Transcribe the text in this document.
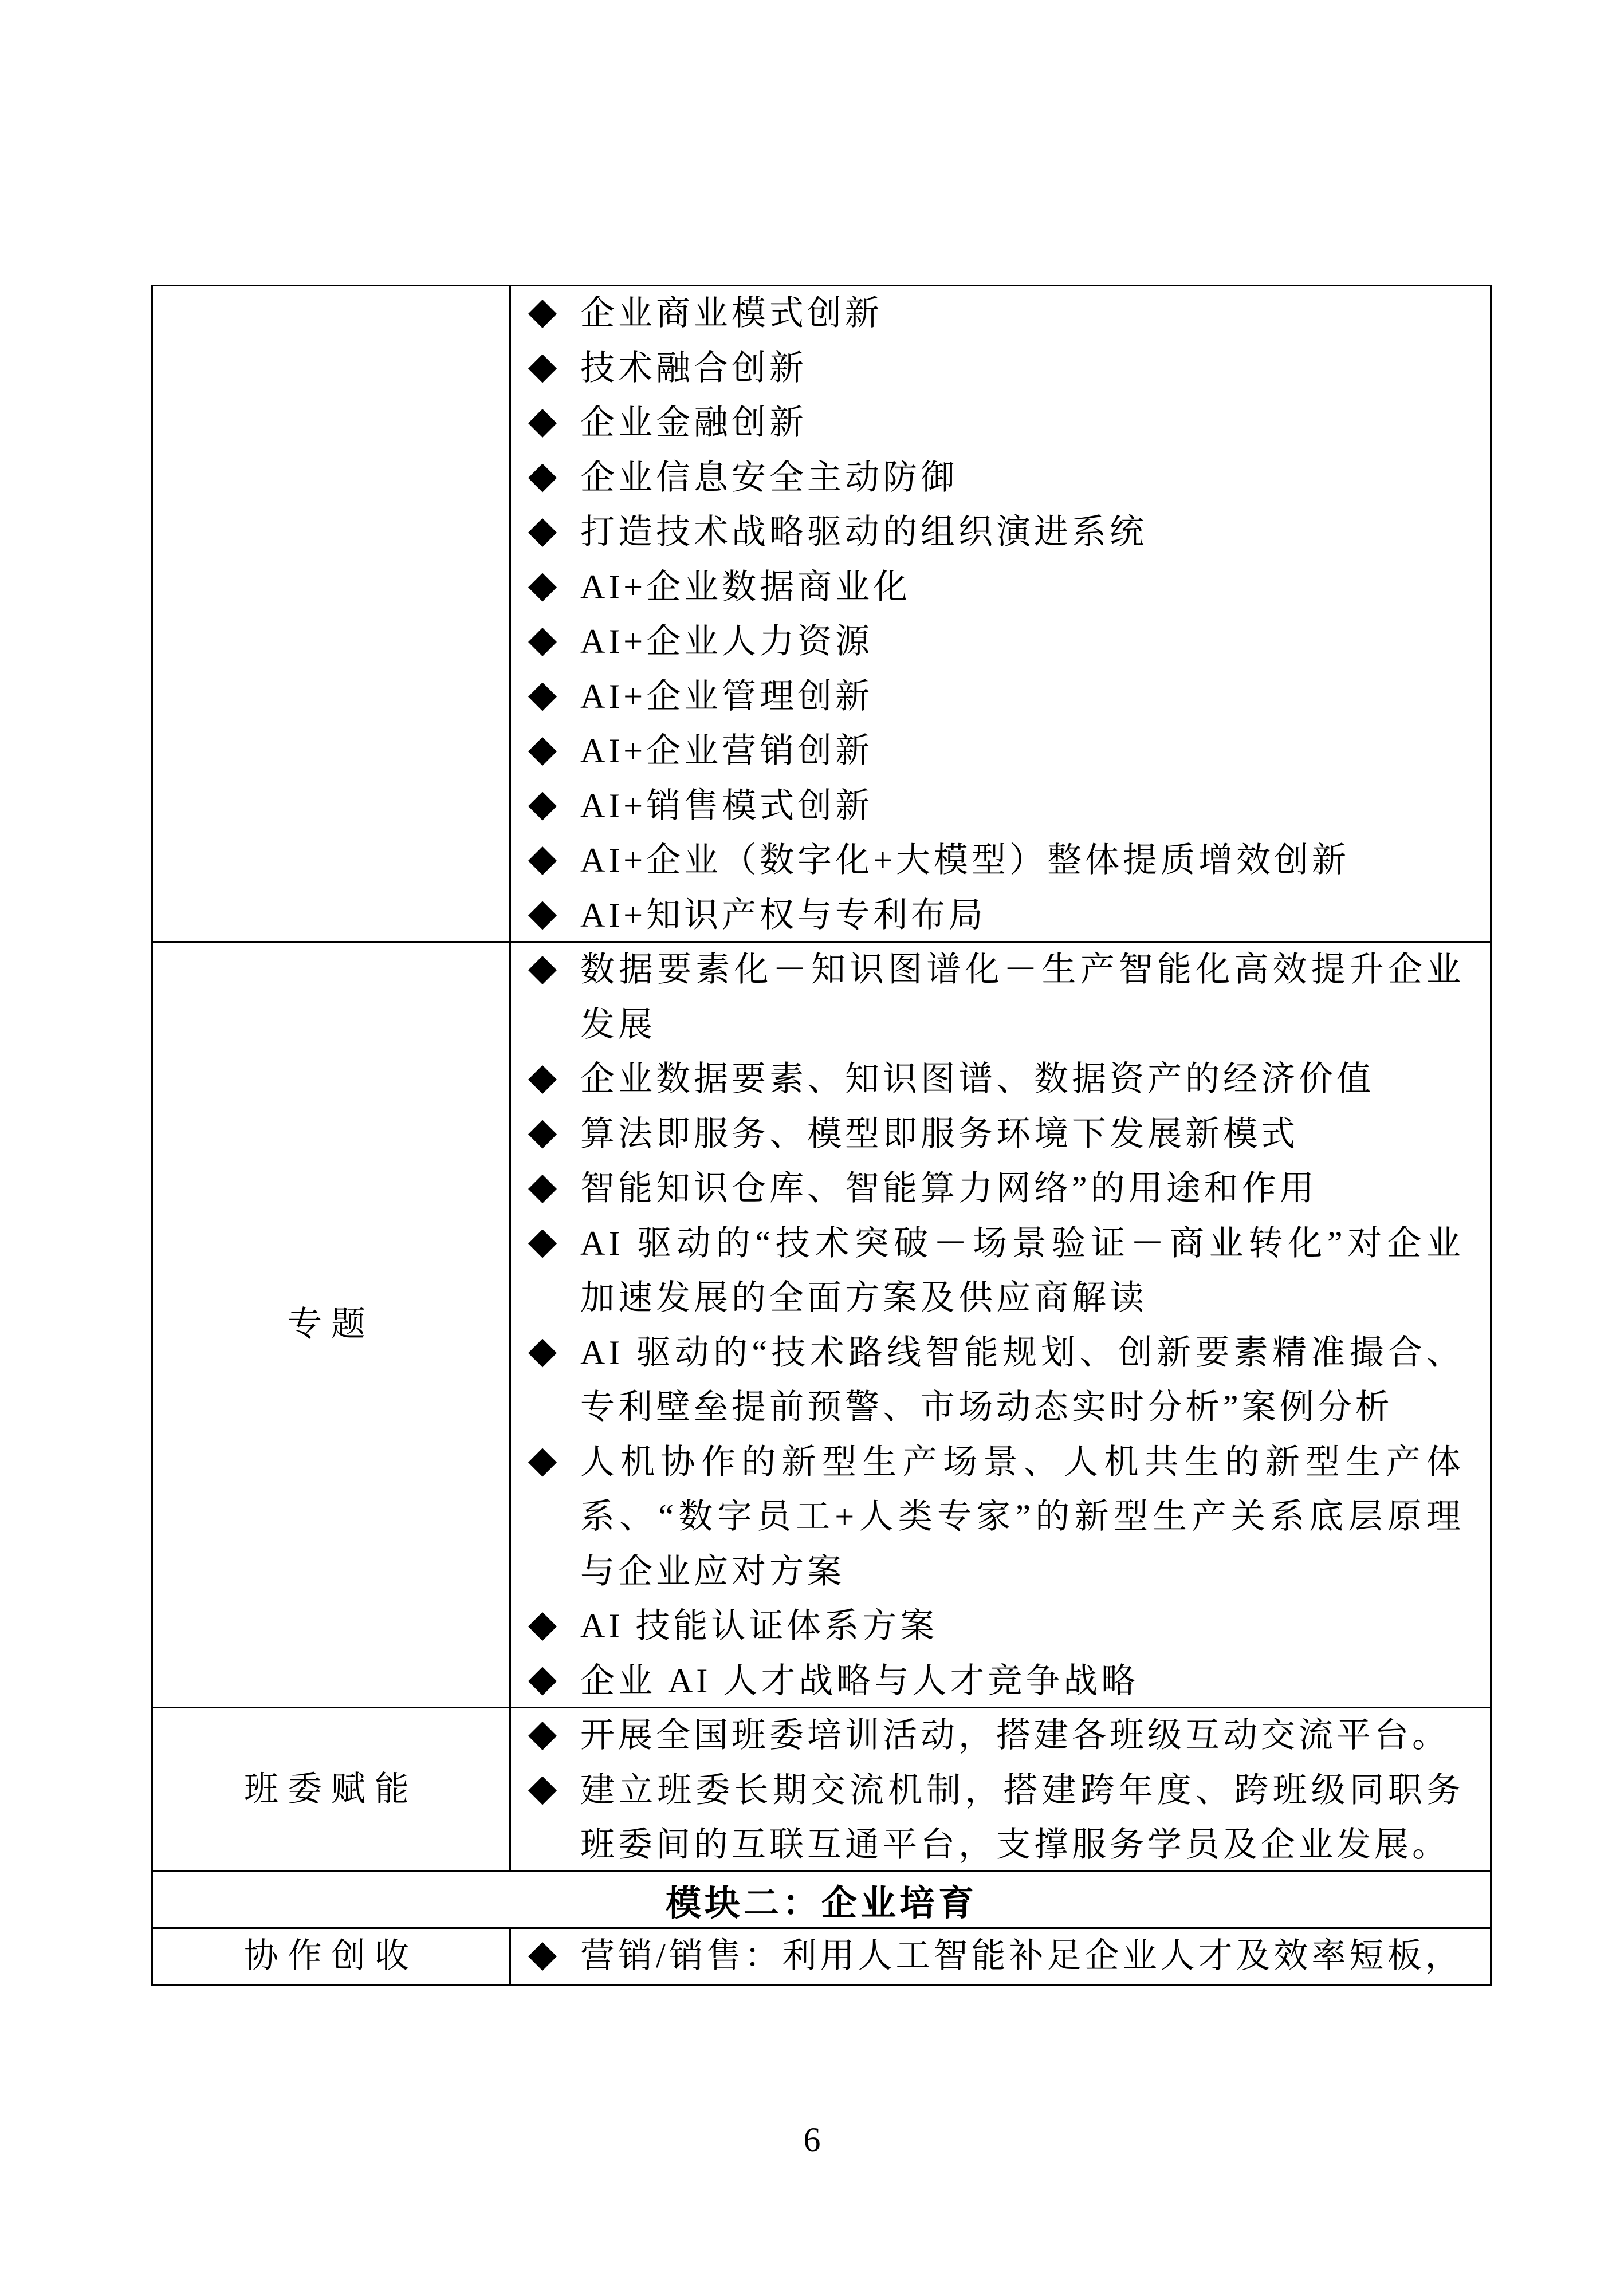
企业商业模式创新
技术融合创新
企业金融创新
企业信息安全主动防御
打造技术战略驱动的组织演进系统
AI+企业数据商业化
AI+企业人力资源
AI+企业管理创新
AI+企业营销创新
AI+销售模式创新
AI+企业（数字化+大模型）整体提质增效创新
AI+知识产权与专利布局
专题
数据要素化－知识图谱化－生产智能化高效提升企业发展
企业数据要素、知识图谱、数据资产的经济价值
算法即服务、模型即服务环境下发展新模式
智能知识仓库、智能算力网络”的用途和作用
AI 驱动的“技术突破－场景验证－商业转化”对企业加速发展的全面方案及供应商解读
AI 驱动的“技术路线智能规划、创新要素精准撮合、专利壁垒提前预警、市场动态实时分析”案例分析
人机协作的新型生产场景、人机共生的新型生产体系、“数字员工+人类专家”的新型生产关系底层原理与企业应对方案
AI 技能认证体系方案
企业 AI 人才战略与人才竞争战略
班委赋能
开展全国班委培训活动，搭建各班级互动交流平台。
建立班委长期交流机制，搭建跨年度、跨班级同职务班委间的互联互通平台，支撑服务学员及企业发展。
模块二：企业培育
协作创收	营销/销售：利用人工智能补足企业人才及效率短板，
6
